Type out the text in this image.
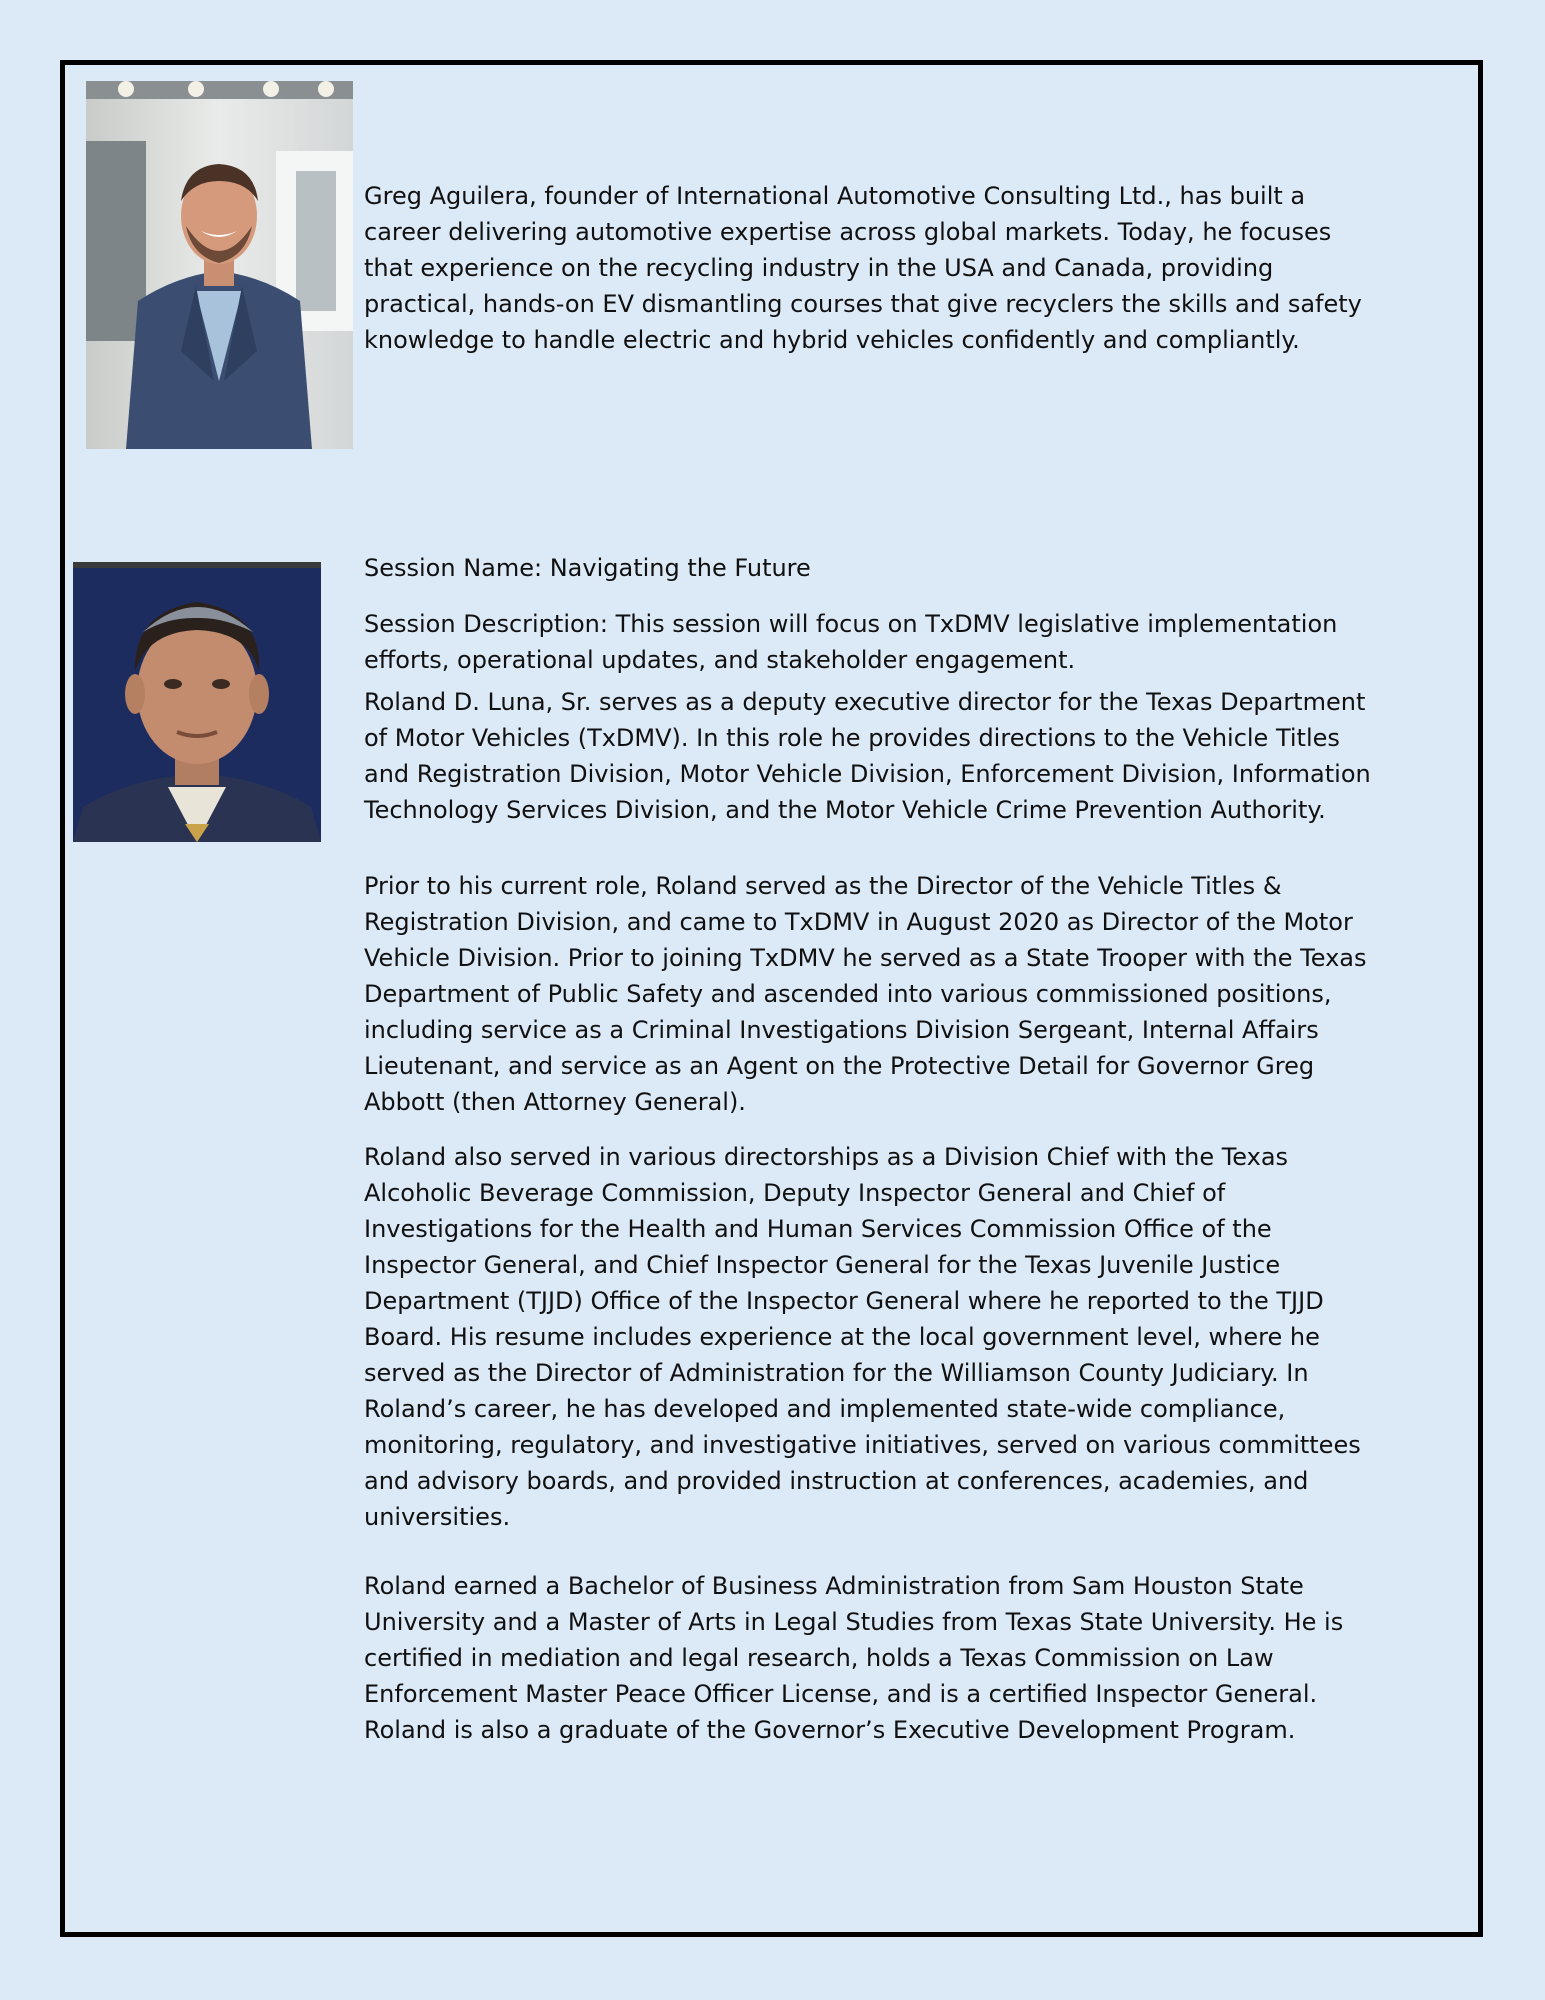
Greg Aguilera, founder of International Automotive Consulting Ltd., has built a career delivering automotive expertise across global markets. Today, he focuses that experience on the recycling industry in the USA and Canada, providing practical, hands-on EV dismantling courses that give recyclers the skills and safety knowledge to handle electric and hybrid vehicles confidently and compliantly.

Session Name: Navigating the Future

Session Description: This session will focus on TxDMV legislative implementation efforts, operational updates, and stakeholder engagement.

Roland D. Luna, Sr. serves as a deputy executive director for the Texas Department of Motor Vehicles (TxDMV). In this role he provides directions to the Vehicle Titles and Registration Division, Motor Vehicle Division, Enforcement Division, Information Technology Services Division, and the Motor Vehicle Crime Prevention Authority.

Prior to his current role, Roland served as the Director of the Vehicle Titles & Registration Division, and came to TxDMV in August 2020 as Director of the Motor Vehicle Division. Prior to joining TxDMV he served as a State Trooper with the Texas Department of Public Safety and ascended into various commissioned positions, including service as a Criminal Investigations Division Sergeant, Internal Affairs Lieutenant, and service as an Agent on the Protective Detail for Governor Greg Abbott (then Attorney General).

Roland also served in various directorships as a Division Chief with the Texas Alcoholic Beverage Commission, Deputy Inspector General and Chief of Investigations for the Health and Human Services Commission Office of the Inspector General, and Chief Inspector General for the Texas Juvenile Justice Department (TJJD) Office of the Inspector General where he reported to the TJJD Board. His resume includes experience at the local government level, where he served as the Director of Administration for the Williamson County Judiciary. In Roland’s career, he has developed and implemented state-wide compliance, monitoring, regulatory, and investigative initiatives, served on various committees and advisory boards, and provided instruction at conferences, academies, and universities.

Roland earned a Bachelor of Business Administration from Sam Houston State University and a Master of Arts in Legal Studies from Texas State University. He is certified in mediation and legal research, holds a Texas Commission on Law Enforcement Master Peace Officer License, and is a certified Inspector General. Roland is also a graduate of the Governor’s Executive Development Program.
